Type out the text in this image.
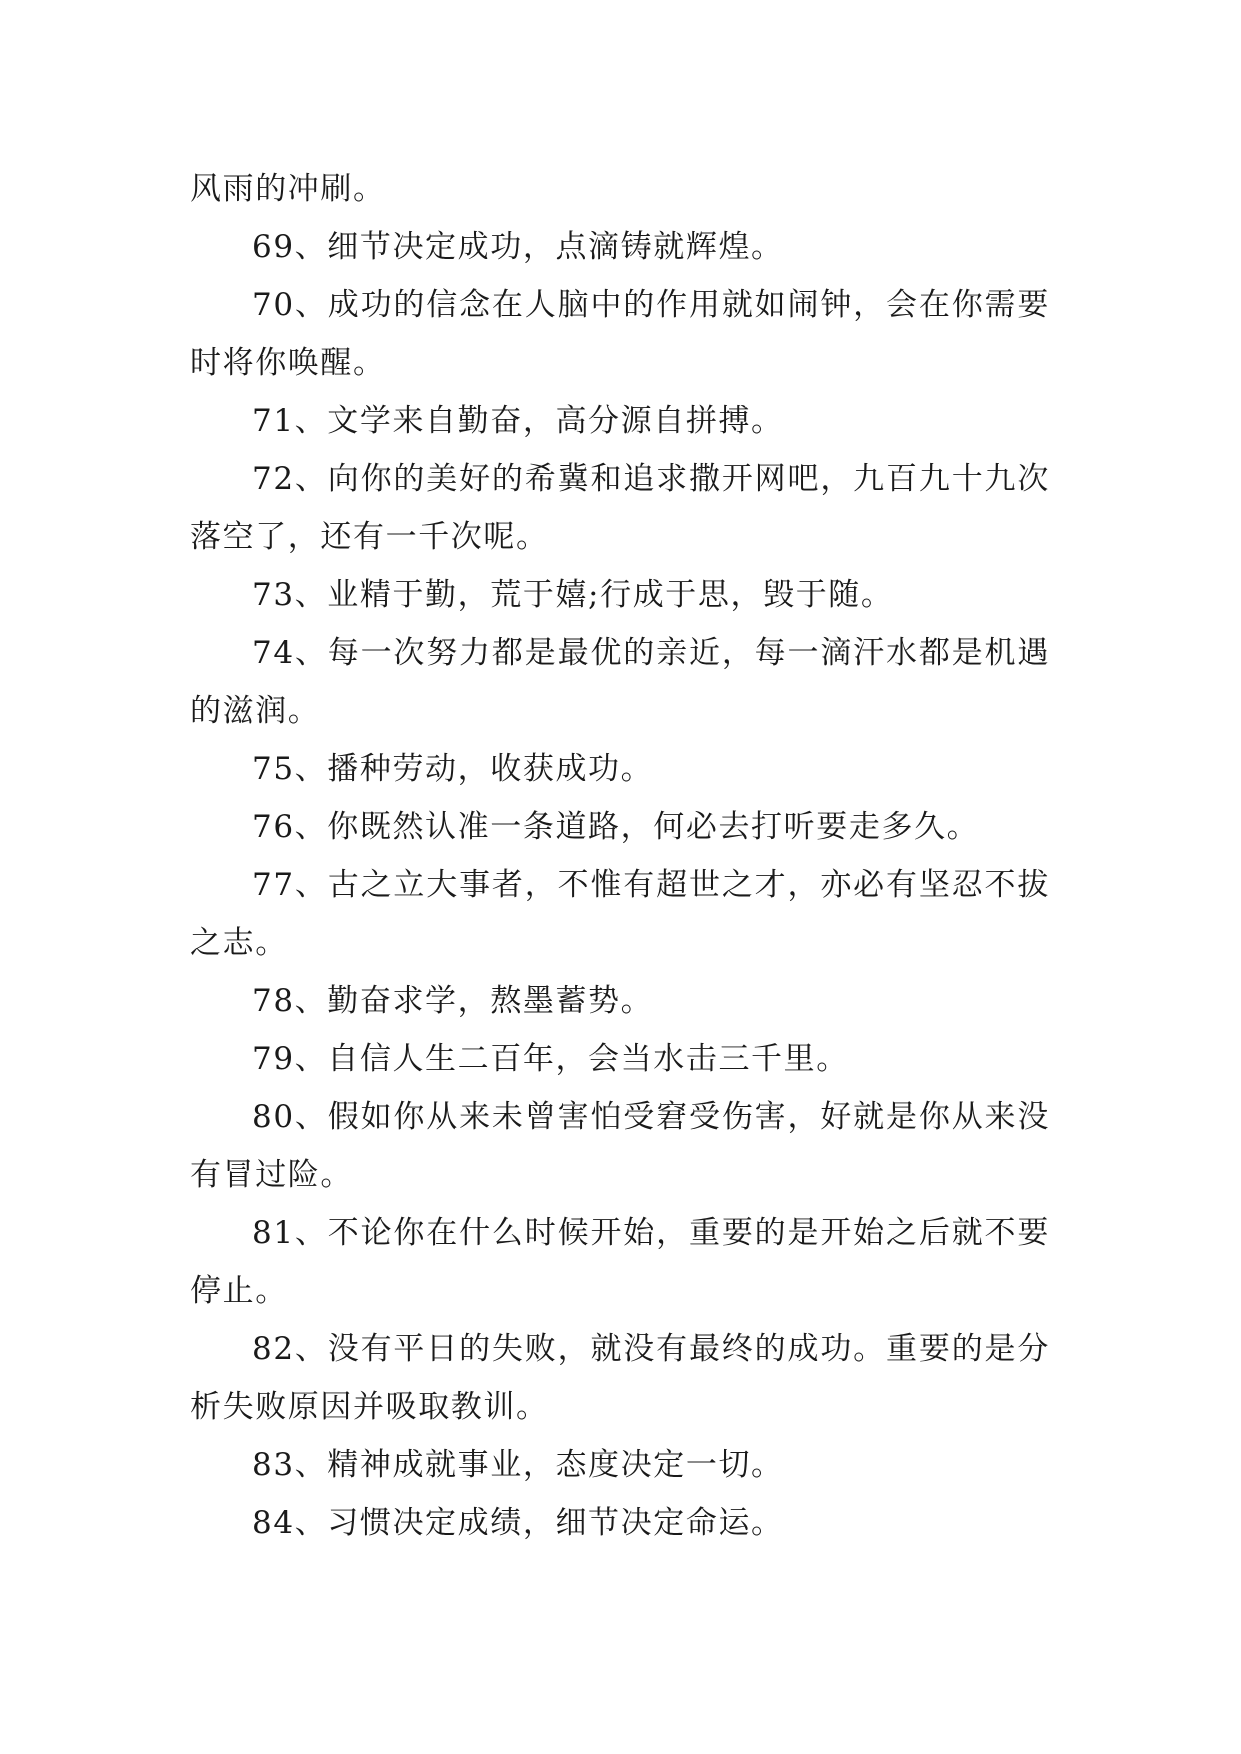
风雨的冲刷。

69、细节决定成功，点滴铸就辉煌。

70、成功的信念在人脑中的作用就如闹钟，会在你需要时将你唤醒。

71、文学来自勤奋，高分源自拼搏。

72、向你的美好的希冀和追求撒开网吧，九百九十九次落空了，还有一千次呢。

73、业精于勤，荒于嬉;行成于思，毁于随。

74、每一次努力都是最优的亲近，每一滴汗水都是机遇的滋润。

75、播种劳动，收获成功。

76、你既然认准一条道路，何必去打听要走多久。

77、古之立大事者，不惟有超世之才，亦必有坚忍不拔之志。

78、勤奋求学，熬墨蓄势。

79、自信人生二百年，会当水击三千里。

80、假如你从来未曾害怕受窘受伤害，好就是你从来没有冒过险。

81、不论你在什么时候开始，重要的是开始之后就不要停止。

82、没有平日的失败，就没有最终的成功。重要的是分析失败原因并吸取教训。

83、精神成就事业，态度决定一切。

84、习惯决定成绩，细节决定命运。
